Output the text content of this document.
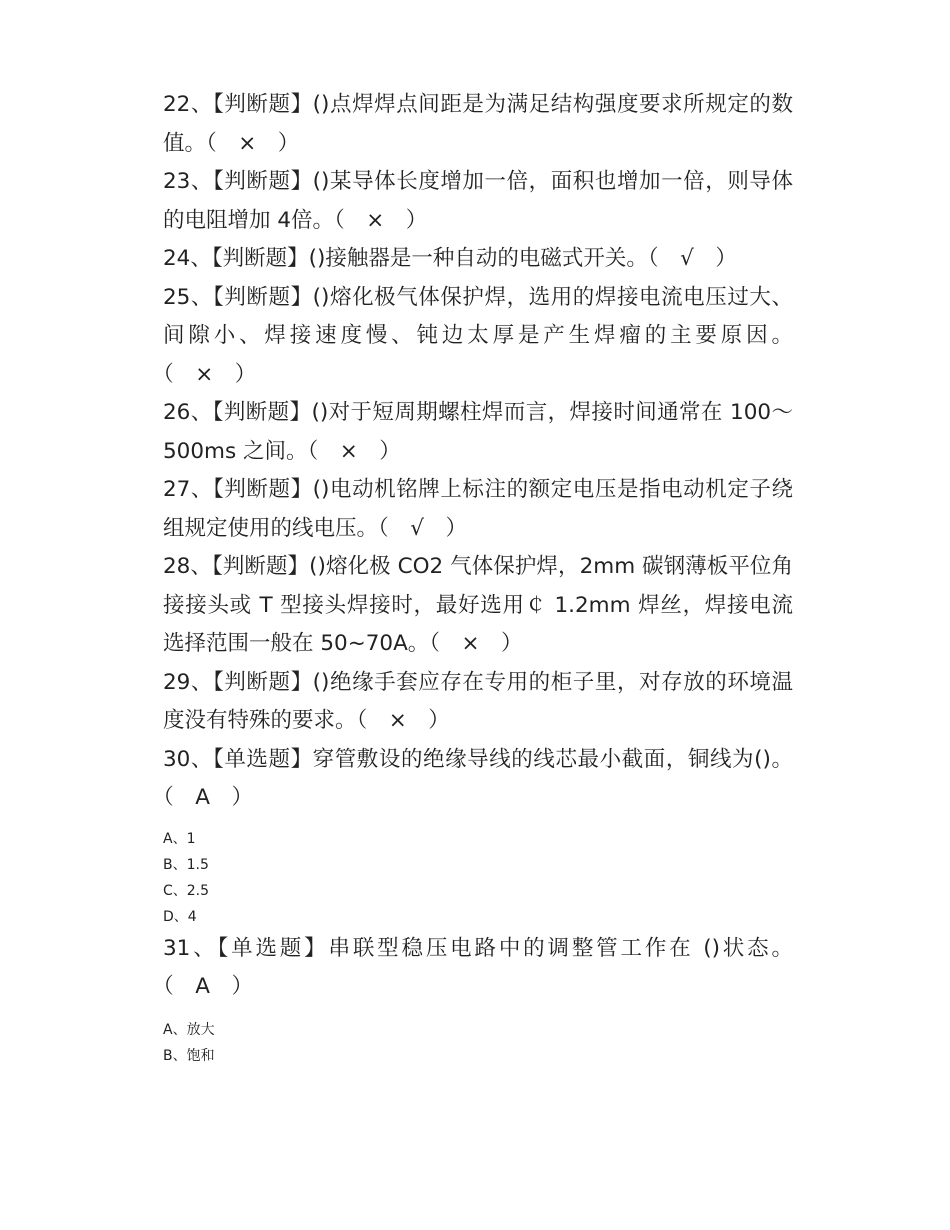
22、【判断题】()点焊焊点间距是为满足结构强度要求所规定的数值。（　×　）

23、【判断题】()某导体长度增加一倍，面积也增加一倍，则导体的电阻增加 4倍。（　×　）

24、【判断题】()接触器是一种自动的电磁式开关。（　√　）

25、【判断题】()熔化极气体保护焊，选用的焊接电流电压过大、间隙小、焊接速度慢、钝边太厚是产生焊瘤的主要原因。（　×　）

26、【判断题】()对于短周期螺柱焊而言，焊接时间通常在 100～500ms 之间。（　×　）

27、【判断题】()电动机铭牌上标注的额定电压是指电动机定子绕组规定使用的线电压。（　√　）

28、【判断题】()熔化极 CO2 气体保护焊，2mm 碳钢薄板平位角接接头或 T 型接头焊接时，最好选用￠ 1.2mm 焊丝，焊接电流选择范围一般在 50~70A。（　×　）

29、【判断题】()绝缘手套应存在专用的柜子里，对存放的环境温度没有特殊的要求。（　×　）

30、【单选题】穿管敷设的绝缘导线的线芯最小截面，铜线为()。（　A　）

A、1

B、1.5

C、2.5

D、4

31、【单选题】串联型稳压电路中的调整管工作在 ()状态。（　A　）

A、放大

B、饱和
